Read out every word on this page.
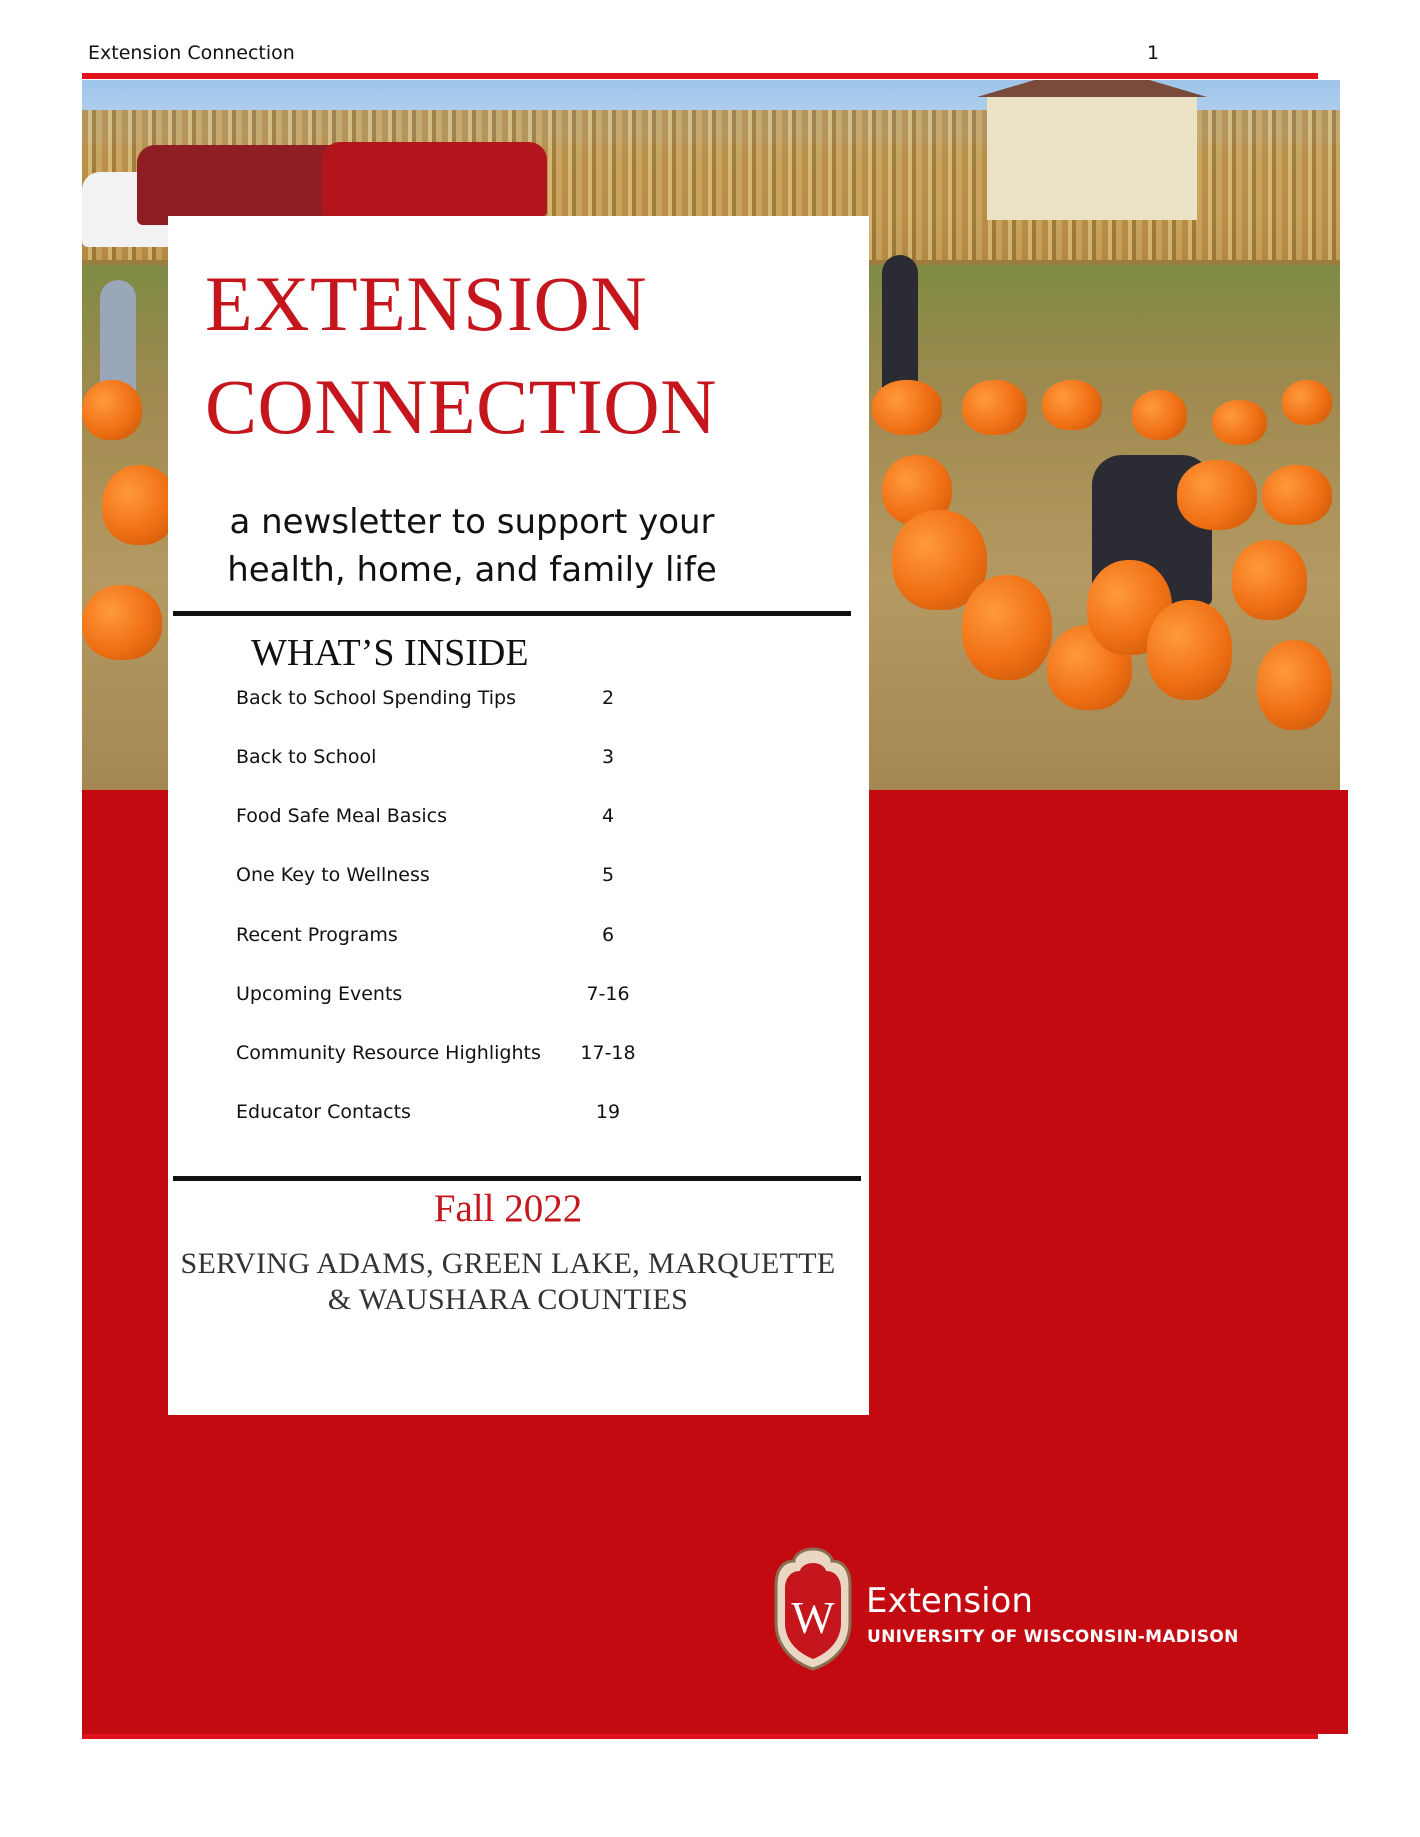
Extension Connection	1
EXTENSION
CONNECTION
a newsletter to support your
health, home, and family life
WHAT’S INSIDE
Back to School Spending Tips	2
Back to School	3
Food Safe Meal Basics	4
One Key to Wellness	5
Recent Programs	6
Upcoming Events	7-16
Community Resource Highlights	17-18
Educator Contacts	19
Fall 2022
SERVING ADAMS, GREEN LAKE, MARQUETTE
& WAUSHARA COUNTIES
W Extension
UNIVERSITY OF WISCONSIN-MADISON
